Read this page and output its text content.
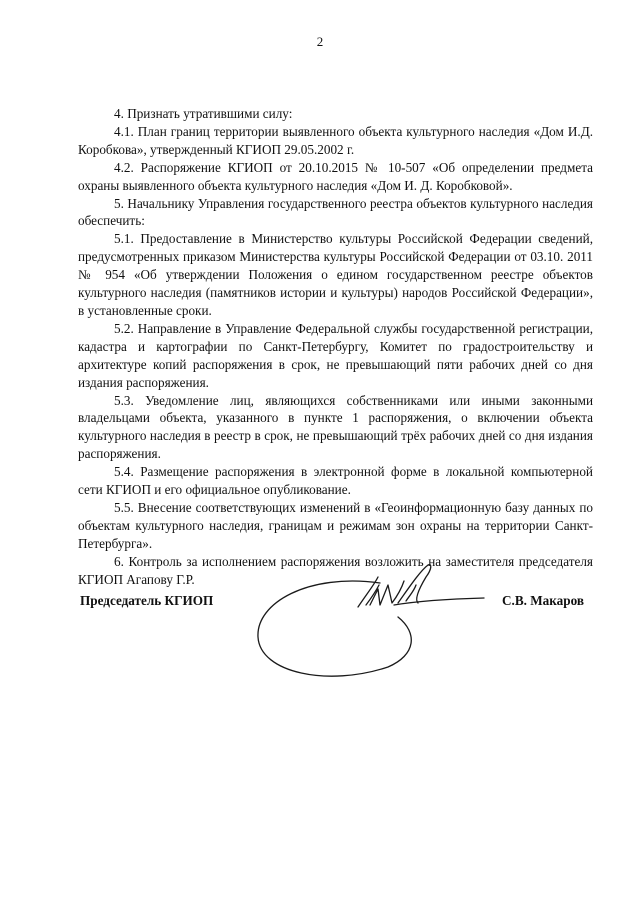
2

4. Признать утратившими силу:

4.1. План границ территории выявленного объекта культурного наследия «Дом И.Д. Коробкова», утвержденный КГИОП 29.05.2002 г.

4.2. Распоряжение КГИОП от 20.10.2015 № 10-507 «Об определении предмета охраны выявленного объекта культурного наследия «Дом И. Д. Коробковой».

5. Начальнику Управления государственного реестра объектов культурного наследия обеспечить:

5.1. Предоставление в Министерство культуры Российской Федерации сведений, предусмотренных приказом Министерства культуры Российской Федерации от 03.10. 2011 № 954 «Об утверждении Положения о едином государственном реестре объектов культурного наследия (памятников истории и культуры) народов Российской Федерации», в установленные сроки.

5.2. Направление в Управление Федеральной службы государственной регистрации, кадастра и картографии по Санкт-Петербургу, Комитет по градостроительству и архитектуре копий распоряжения в срок, не превышающий пяти рабочих дней со дня издания распоряжения.

5.3. Уведомление лиц, являющихся собственниками или иными законными владельцами объекта, указанного в пункте 1 распоряжения, о включении объекта культурного наследия в реестр в срок, не превышающий трёх рабочих дней со дня издания распоряжения.

5.4. Размещение распоряжения в электронной форме в локальной компьютерной сети КГИОП и его официальное опубликование.

5.5. Внесение соответствующих изменений в «Геоинформационную базу данных по объектам культурного наследия, границам и режимам зон охраны на территории Санкт-Петербурга».

6. Контроль за исполнением распоряжения возложить на заместителя председателя КГИОП Агапову Г.Р.

Председатель КГИОП	С.В. Макаров
